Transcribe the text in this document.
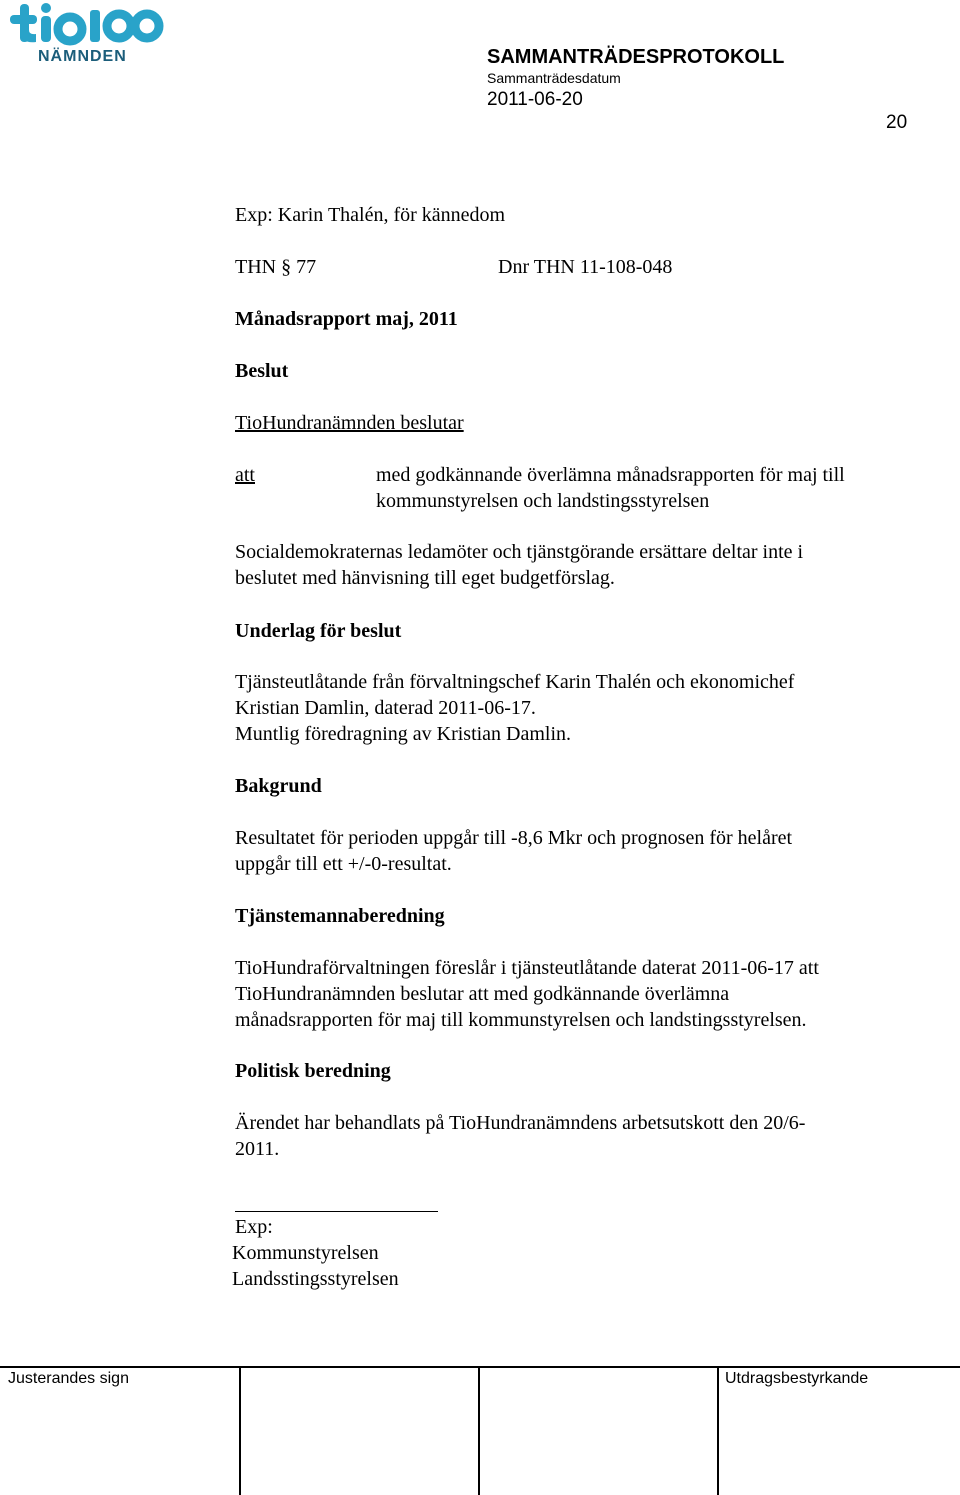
NÄMNDEN	SAMMANTRÄDESPROTOKOLL
Sammanträdesdatum
2011-06-20
20
Exp: Karin Thalén, för kännedom
THN § 77	Dnr THN 11-108-048
Månadsrapport maj, 2011
Beslut
TioHundranämnden beslutar
att	med godkännande överlämna månadsrapporten för maj till
kommunstyrelsen och landstingsstyrelsen
Socialdemokraternas ledamöter och tjänstgörande ersättare deltar inte i
beslutet med hänvisning till eget budgetförslag.
Underlag för beslut
Tjänsteutlåtande från förvaltningschef Karin Thalén och ekonomichef
Kristian Damlin, daterad 2011-06-17.
Muntlig föredragning av Kristian Damlin.
Bakgrund
Resultatet för perioden uppgår till -8,6 Mkr och prognosen för helåret
uppgår till ett +/-0-resultat.
Tjänstemannaberedning
TioHundraförvaltningen föreslår i tjänsteutlåtande daterat 2011-06-17 att
TioHundranämnden beslutar att med godkännande överlämna
månadsrapporten för maj till kommunstyrelsen och landstingsstyrelsen.
Politisk beredning
Ärendet har behandlats på TioHundranämndens arbetsutskott den 20/6-
2011.
Exp:
Kommunstyrelsen
Landsstingsstyrelsen
Justerandes sign	Utdragsbestyrkande
